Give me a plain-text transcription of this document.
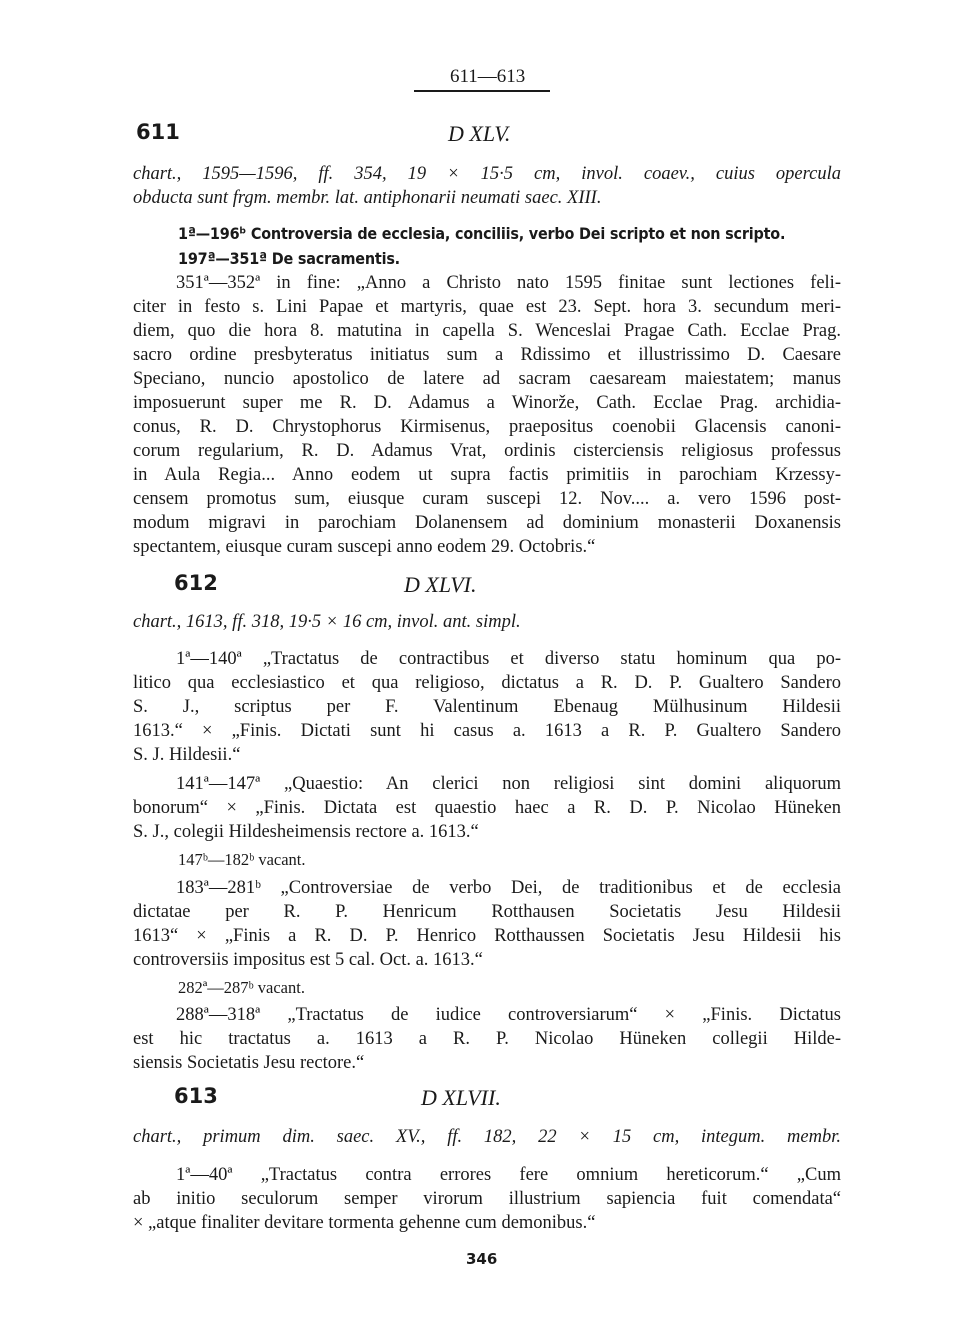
611—613
611	D XLV.
chart., 1595—1596, ff. 354, 19 × 15·5 cm, invol. coaev., cuius opercula
obducta sunt frgm. membr. lat. antiphonarii neumati saec. XIII.
1ª—196ᵇ Controversia de ecclesia, conciliis, verbo Dei scripto et non scripto.
197ª—351ª De sacramentis.
351ª—352ª in fine: „Anno a Christo nato 1595 finitae sunt lectiones feli-
citer in festo s. Lini Papae et martyris, quae est 23. Sept. hora 3. secundum meri-
diem, quo die hora 8. matutina in capella S. Wenceslai Pragae Cath. Ecclae Prag.
sacro ordine presbyteratus initiatus sum a Rdissimo et illustrissimo D. Caesare
Speciano, nuncio apostolico de latere ad sacram caesaream maiestatem; manus
imposuerunt super me R. D. Adamus a Winorže, Cath. Ecclae Prag. archidia-
conus, R. D. Chrystophorus Kirmisenus, praepositus coenobii Glacensis canoni-
corum regularium, R. D. Adamus Vrat, ordinis cisterciensis religiosus professus
in Aula Regia... Anno eodem ut supra factis primitiis in parochiam Krzessy-
censem promotus sum, eiusque curam suscepi 12. Nov.... a. vero 1596 post-
modum migravi in parochiam Dolanensem ad dominium monasterii Doxanensis
spectantem, eiusque curam suscepi anno eodem 29. Octobris.“
612	D XLVI.
chart., 1613, ff. 318, 19·5 × 16 cm, invol. ant. simpl.
1ª—140ª „Tractatus de contractibus et diverso statu hominum qua po-
litico qua ecclesiastico et qua religioso, dictatus a R. D. P. Gualtero Sandero
S. J., scriptus per F. Valentinum Ebenaug Mülhusinum Hildesii
1613.“ × „Finis. Dictati sunt hi casus a. 1613 a R. P. Gualtero Sandero
S. J. Hildesii.“
141ª—147ª „Quaestio: An clerici non religiosi sint domini aliquorum
bonorum“ × „Finis. Dictata est quaestio haec a R. D. P. Nicolao Hüneken
S. J., colegii Hildesheimensis rectore a. 1613.“
147ᵇ—182ᵇ vacant.
183ª—281ᵇ „Controversiae de verbo Dei, de traditionibus et de ecclesia
dictatae per R. P. Henricum Rotthausen Societatis Jesu Hildesii
1613“ × „Finis a R. D. P. Henrico Rotthaussen Societatis Jesu Hildesii his
controversiis impositus est 5 cal. Oct. a. 1613.“
282ª—287ᵇ vacant.
288ª—318ª „Tractatus de iudice controversiarum“ × „Finis. Dictatus
est hic tractatus a. 1613 a R. P. Nicolao Hüneken collegii Hilde-
siensis Societatis Jesu rectore.“
613	D XLVII.
chart., primum dim. saec. XV., ff. 182, 22 × 15 cm, integum. membr.
1ª—40ª „Tractatus contra errores fere omnium hereticorum.“ „Cum
ab initio seculorum semper virorum illustrium sapiencia fuit comendata“
× „atque finaliter devitare tormenta gehenne cum demonibus.“
346
